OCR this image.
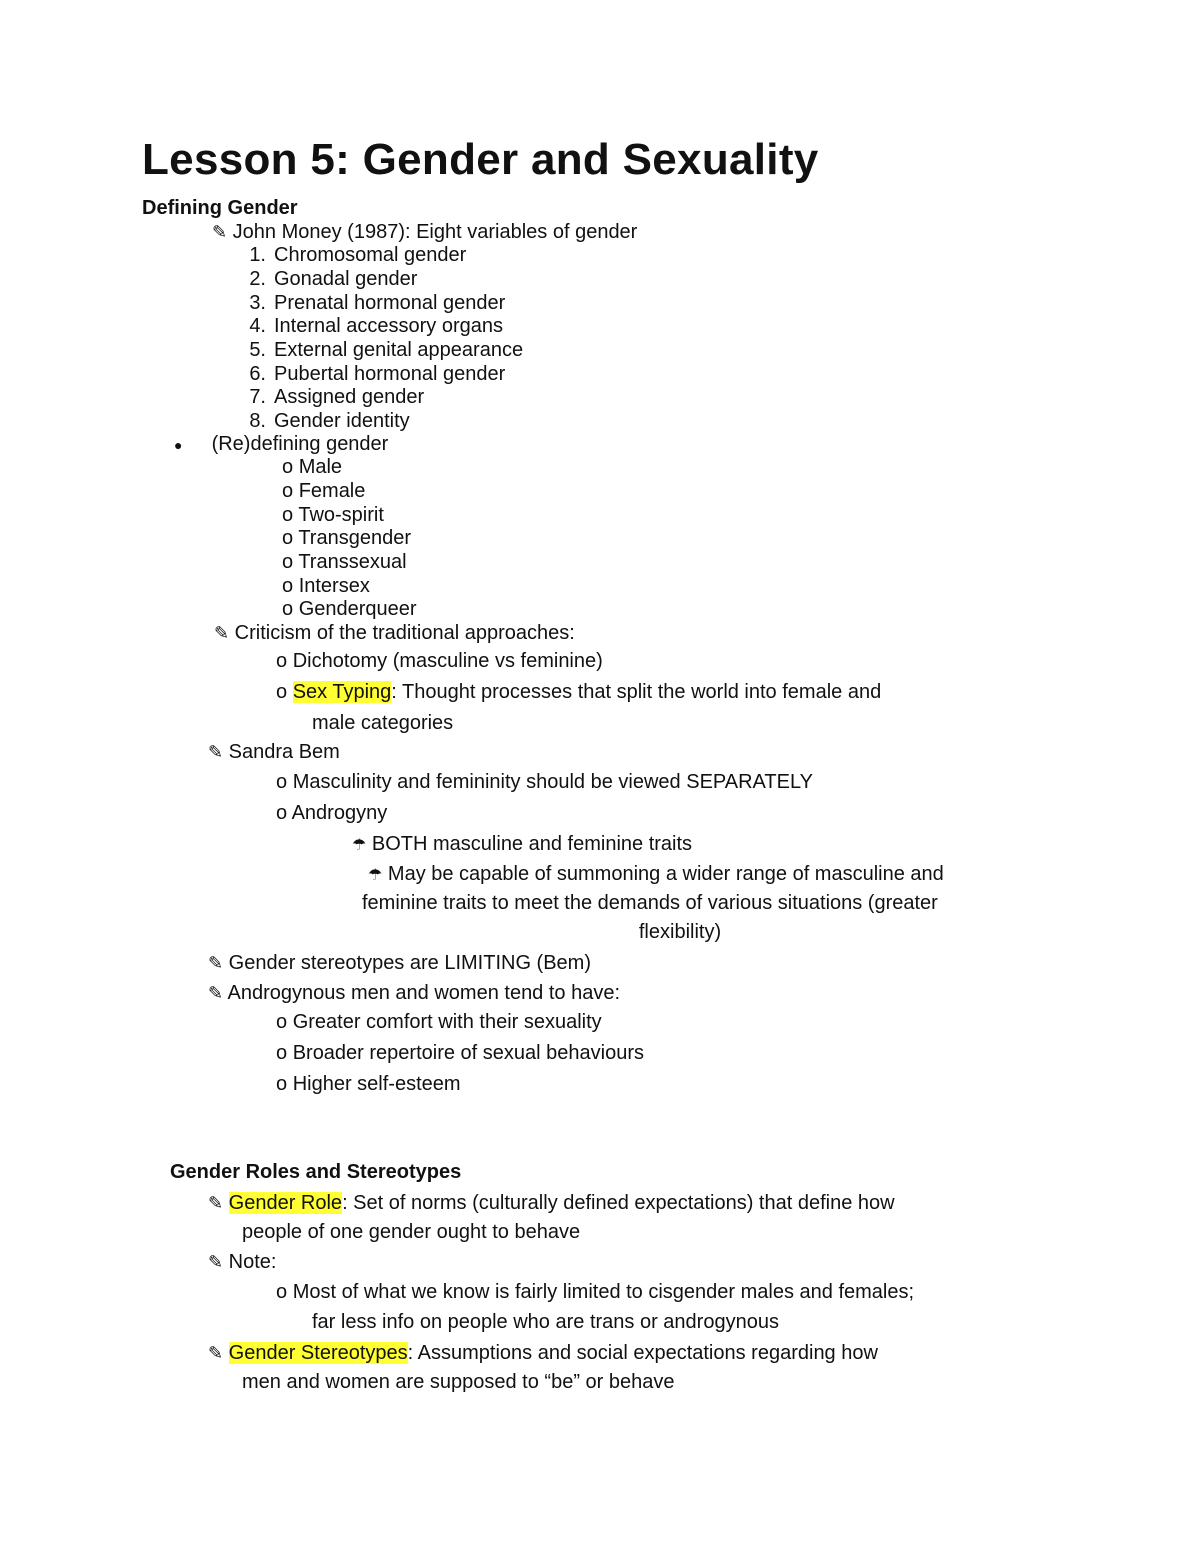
Lesson 5: Gender and Sexuality
Defining Gender
✎ John Money (1987): Eight variables of gender
1. Chromosomal gender
2. Gonadal gender
3. Prenatal hormonal gender
4. Internal accessory organs
5. External genital appearance
6. Pubertal hormonal gender
7. Assigned gender
8. Gender identity
● (Re)defining gender
o Male
o Female
o Two-spirit
o Transgender
o Transsexual
o Intersex
o Genderqueer
✎ Criticism of the traditional approaches:
o Dichotomy (masculine vs feminine)
o Sex Typing: Thought processes that split the world into female and
male categories
✎ Sandra Bem
o Masculinity and femininity should be viewed SEPARATELY
o Androgyny
☂ BOTH masculine and feminine traits
☂ May be capable of summoning a wider range of masculine and
feminine traits to meet the demands of various situations (greater
flexibility)
✎ Gender stereotypes are LIMITING (Bem)
✎ Androgynous men and women tend to have:
o Greater comfort with their sexuality
o Broader repertoire of sexual behaviours
o Higher self-esteem
Gender Roles and Stereotypes
✎ Gender Role: Set of norms (culturally defined expectations) that define how
people of one gender ought to behave
✎ Note:
o Most of what we know is fairly limited to cisgender males and females;
far less info on people who are trans or androgynous
✎ Gender Stereotypes: Assumptions and social expectations regarding how
men and women are supposed to “be” or behave
